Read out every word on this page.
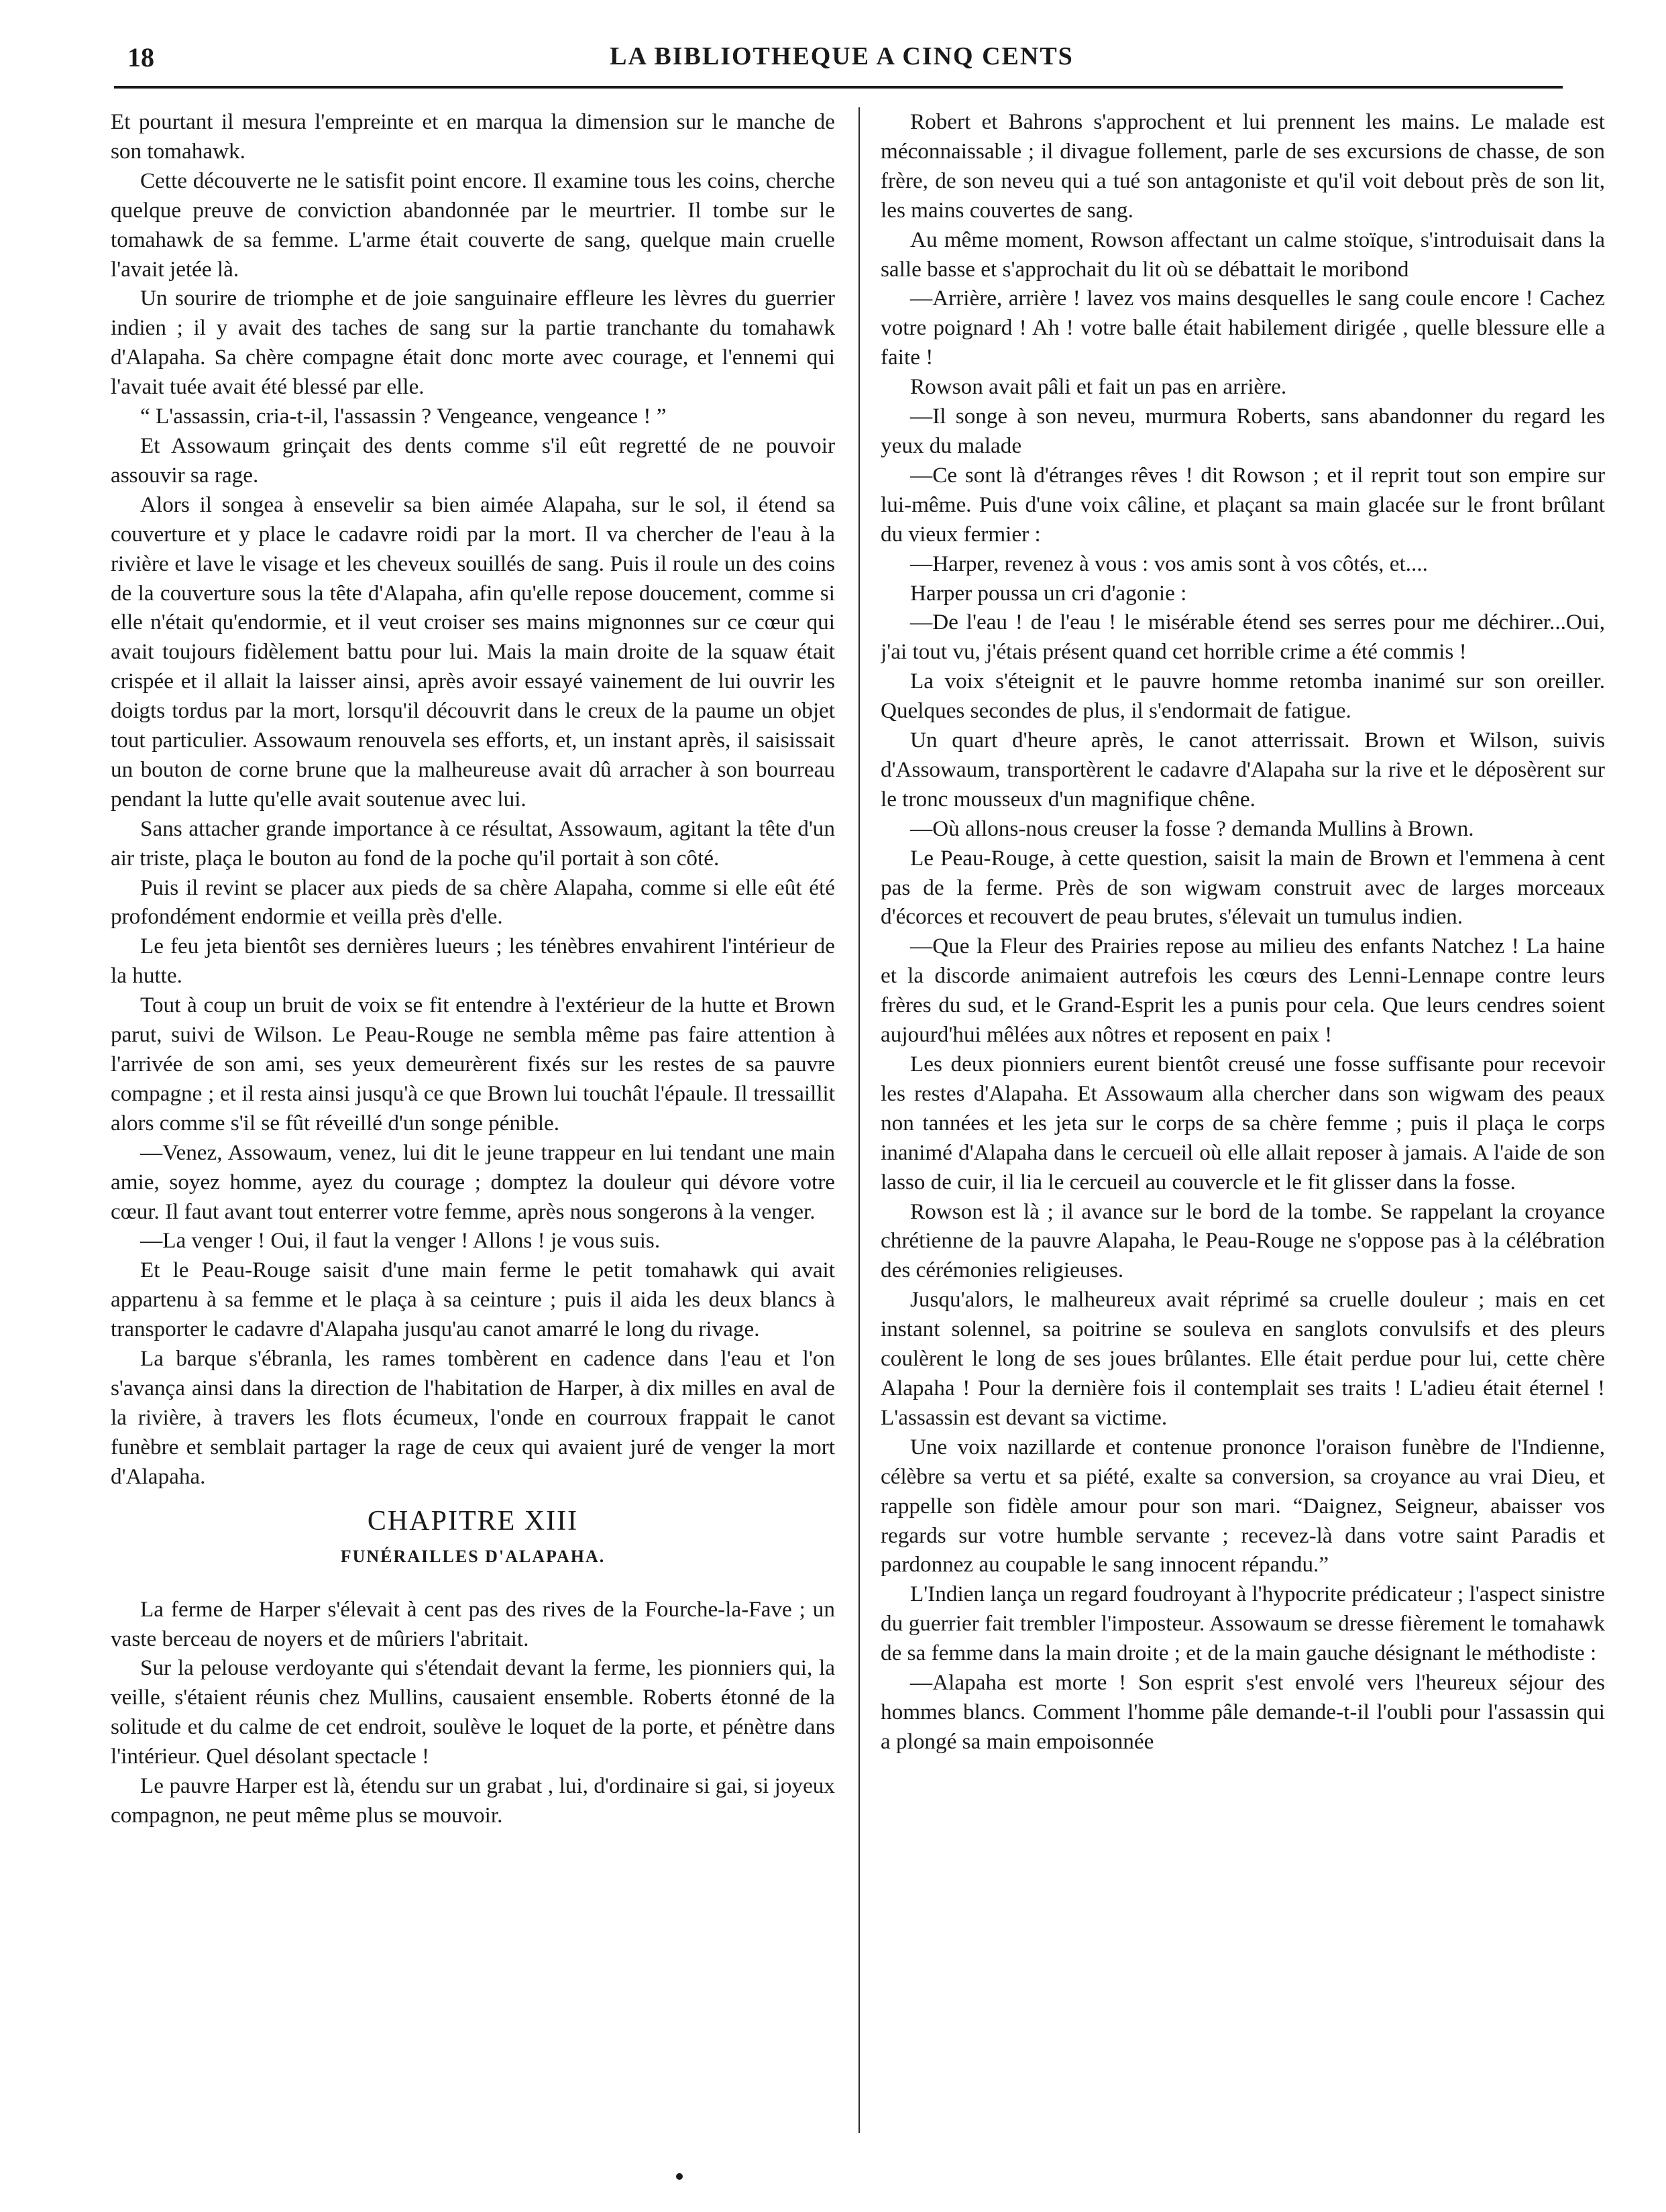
18	LA BIBLIOTHEQUE A CINQ CENTS

Et pourtant il mesura l'empreinte et en marqua la dimension sur le manche de son tomahawk.

Cette découverte ne le satisfit point encore. Il examine tous les coins, cherche quelque preuve de conviction abandonnée par le meurtrier. Il tombe sur le tomahawk de sa femme. L'arme était couverte de sang, quelque main cruelle l'avait jetée là.

Un sourire de triomphe et de joie sanguinaire effleure les lèvres du guerrier indien ; il y avait des taches de sang sur la partie tranchante du tomahawk d'Alapaha. Sa chère compagne était donc morte avec courage, et l'ennemi qui l'avait tuée avait été blessé par elle.

“ L'assassin, cria-t-il, l'assassin ? Vengeance, vengeance ! ”

Et Assowaum grinçait des dents comme s'il eût regretté de ne pouvoir assouvir sa rage.

Alors il songea à ensevelir sa bien aimée Alapaha, sur le sol, il étend sa couverture et y place le cadavre roidi par la mort. Il va chercher de l'eau à la rivière et lave le visage et les cheveux souillés de sang. Puis il roule un des coins de la couverture sous la tête d'Alapaha, afin qu'elle repose doucement, comme si elle n'était qu'endormie, et il veut croiser ses mains mignonnes sur ce cœur qui avait toujours fidèlement battu pour lui. Mais la main droite de la squaw était crispée et il allait la laisser ainsi, après avoir essayé vainement de lui ouvrir les doigts tordus par la mort, lorsqu'il découvrit dans le creux de la paume un objet tout particulier. Assowaum renouvela ses efforts, et, un instant après, il saisissait un bouton de corne brune que la malheureuse avait dû arracher à son bourreau pendant la lutte qu'elle avait soutenue avec lui.

Sans attacher grande importance à ce résultat, Assowaum, agitant la tête d'un air triste, plaça le bouton au fond de la poche qu'il portait à son côté.

Puis il revint se placer aux pieds de sa chère Alapaha, comme si elle eût été profondément endormie et veilla près d'elle.

Le feu jeta bientôt ses dernières lueurs ; les ténèbres envahirent l'intérieur de la hutte.

Tout à coup un bruit de voix se fit entendre à l'extérieur de la hutte et Brown parut, suivi de Wilson. Le Peau-Rouge ne sembla même pas faire attention à l'arrivée de son ami, ses yeux demeurèrent fixés sur les restes de sa pauvre compagne ; et il resta ainsi jusqu'à ce que Brown lui touchât l'épaule. Il tressaillit alors comme s'il se fût réveillé d'un songe pénible.

—Venez, Assowaum, venez, lui dit le jeune trappeur en lui tendant une main amie, soyez homme, ayez du courage ; domptez la douleur qui dévore votre cœur. Il faut avant tout enterrer votre femme, après nous songerons à la venger.

—La venger ! Oui, il faut la venger ! Allons ! je vous suis.

Et le Peau-Rouge saisit d'une main ferme le petit tomahawk qui avait appartenu à sa femme et le plaça à sa ceinture ; puis il aida les deux blancs à transporter le cadavre d'Alapaha jusqu'au canot amarré le long du rivage.

La barque s'ébranla, les rames tombèrent en cadence dans l'eau et l'on s'avança ainsi dans la direction de l'habitation de Harper, à dix milles en aval de la rivière, à travers les flots écumeux, l'onde en courroux frappait le canot funèbre et semblait partager la rage de ceux qui avaient juré de venger la mort d'Alapaha.

CHAPITRE XIII
FUNÉRAILLES D'ALAPAHA.

La ferme de Harper s'élevait à cent pas des rives de la Fourche-la-Fave ; un vaste berceau de noyers et de mûriers l'abritait.

Sur la pelouse verdoyante qui s'étendait devant la ferme, les pionniers qui, la veille, s'étaient réunis chez Mullins, causaient ensemble. Roberts étonné de la solitude et du calme de cet endroit, soulève le loquet de la porte, et pénètre dans l'intérieur. Quel désolant spectacle !

Le pauvre Harper est là, étendu sur un grabat , lui, d'ordinaire si gai, si joyeux compagnon, ne peut même plus se mouvoir.

Robert et Bahrons s'approchent et lui prennent les mains. Le malade est méconnaissable ; il divague follement, parle de ses excursions de chasse, de son frère, de son neveu qui a tué son antagoniste et qu'il voit debout près de son lit, les mains couvertes de sang.

Au même moment, Rowson affectant un calme stoïque, s'introduisait dans la salle basse et s'approchait du lit où se débattait le moribond

—Arrière, arrière ! lavez vos mains desquelles le sang coule encore ! Cachez votre poignard ! Ah ! votre balle était habilement dirigée , quelle blessure elle a faite !

Rowson avait pâli et fait un pas en arrière.

—Il songe à son neveu, murmura Roberts, sans abandonner du regard les yeux du malade

—Ce sont là d'étranges rêves ! dit Rowson ; et il reprit tout son empire sur lui-même. Puis d'une voix câline, et plaçant sa main glacée sur le front brûlant du vieux fermier :

—Harper, revenez à vous : vos amis sont à vos côtés, et....

Harper poussa un cri d'agonie :

—De l'eau ! de l'eau ! le misérable étend ses serres pour me déchirer...Oui, j'ai tout vu, j'étais présent quand cet horrible crime a été commis !

La voix s'éteignit et le pauvre homme retomba inanimé sur son oreiller. Quelques secondes de plus, il s'endormait de fatigue.

Un quart d'heure après, le canot atterrissait. Brown et Wilson, suivis d'Assowaum, transportèrent le cadavre d'Alapaha sur la rive et le déposèrent sur le tronc mousseux d'un magnifique chêne.

—Où allons-nous creuser la fosse ? demanda Mullins à Brown.

Le Peau-Rouge, à cette question, saisit la main de Brown et l'emmena à cent pas de la ferme. Près de son wigwam construit avec de larges morceaux d'écorces et recouvert de peau brutes, s'élevait un tumulus indien.

—Que la Fleur des Prairies repose au milieu des enfants Natchez ! La haine et la discorde animaient autrefois les cœurs des Lenni-Lennape contre leurs frères du sud, et le Grand-Esprit les a punis pour cela. Que leurs cendres soient aujourd'hui mêlées aux nôtres et reposent en paix !

Les deux pionniers eurent bientôt creusé une fosse suffisante pour recevoir les restes d'Alapaha. Et Assowaum alla chercher dans son wigwam des peaux non tannées et les jeta sur le corps de sa chère femme ; puis il plaça le corps inanimé d'Alapaha dans le cercueil où elle allait reposer à jamais. A l'aide de son lasso de cuir, il lia le cercueil au couvercle et le fit glisser dans la fosse.

Rowson est là ; il avance sur le bord de la tombe. Se rappelant la croyance chrétienne de la pauvre Alapaha, le Peau-Rouge ne s'oppose pas à la célébration des cérémonies religieuses.

Jusqu'alors, le malheureux avait réprimé sa cruelle douleur ; mais en cet instant solennel, sa poitrine se souleva en sanglots convulsifs et des pleurs coulèrent le long de ses joues brûlantes. Elle était perdue pour lui, cette chère Alapaha ! Pour la dernière fois il contemplait ses traits ! L'adieu était éternel ! L'assassin est devant sa victime.

Une voix nazillarde et contenue prononce l'oraison funèbre de l'Indienne, célèbre sa vertu et sa piété, exalte sa conversion, sa croyance au vrai Dieu, et rappelle son fidèle amour pour son mari. “Daignez, Seigneur, abaisser vos regards sur votre humble servante ; recevez-là dans votre saint Paradis et pardonnez au coupable le sang innocent répandu.”

L'Indien lança un regard foudroyant à l'hypocrite prédicateur ; l'aspect sinistre du guerrier fait trembler l'imposteur. Assowaum se dresse fièrement le tomahawk de sa femme dans la main droite ; et de la main gauche désignant le méthodiste :

—Alapaha est morte ! Son esprit s'est envolé vers l'heureux séjour des hommes blancs. Comment l'homme pâle demande-t-il l'oubli pour l'assassin qui a plongé sa main empoisonnée
